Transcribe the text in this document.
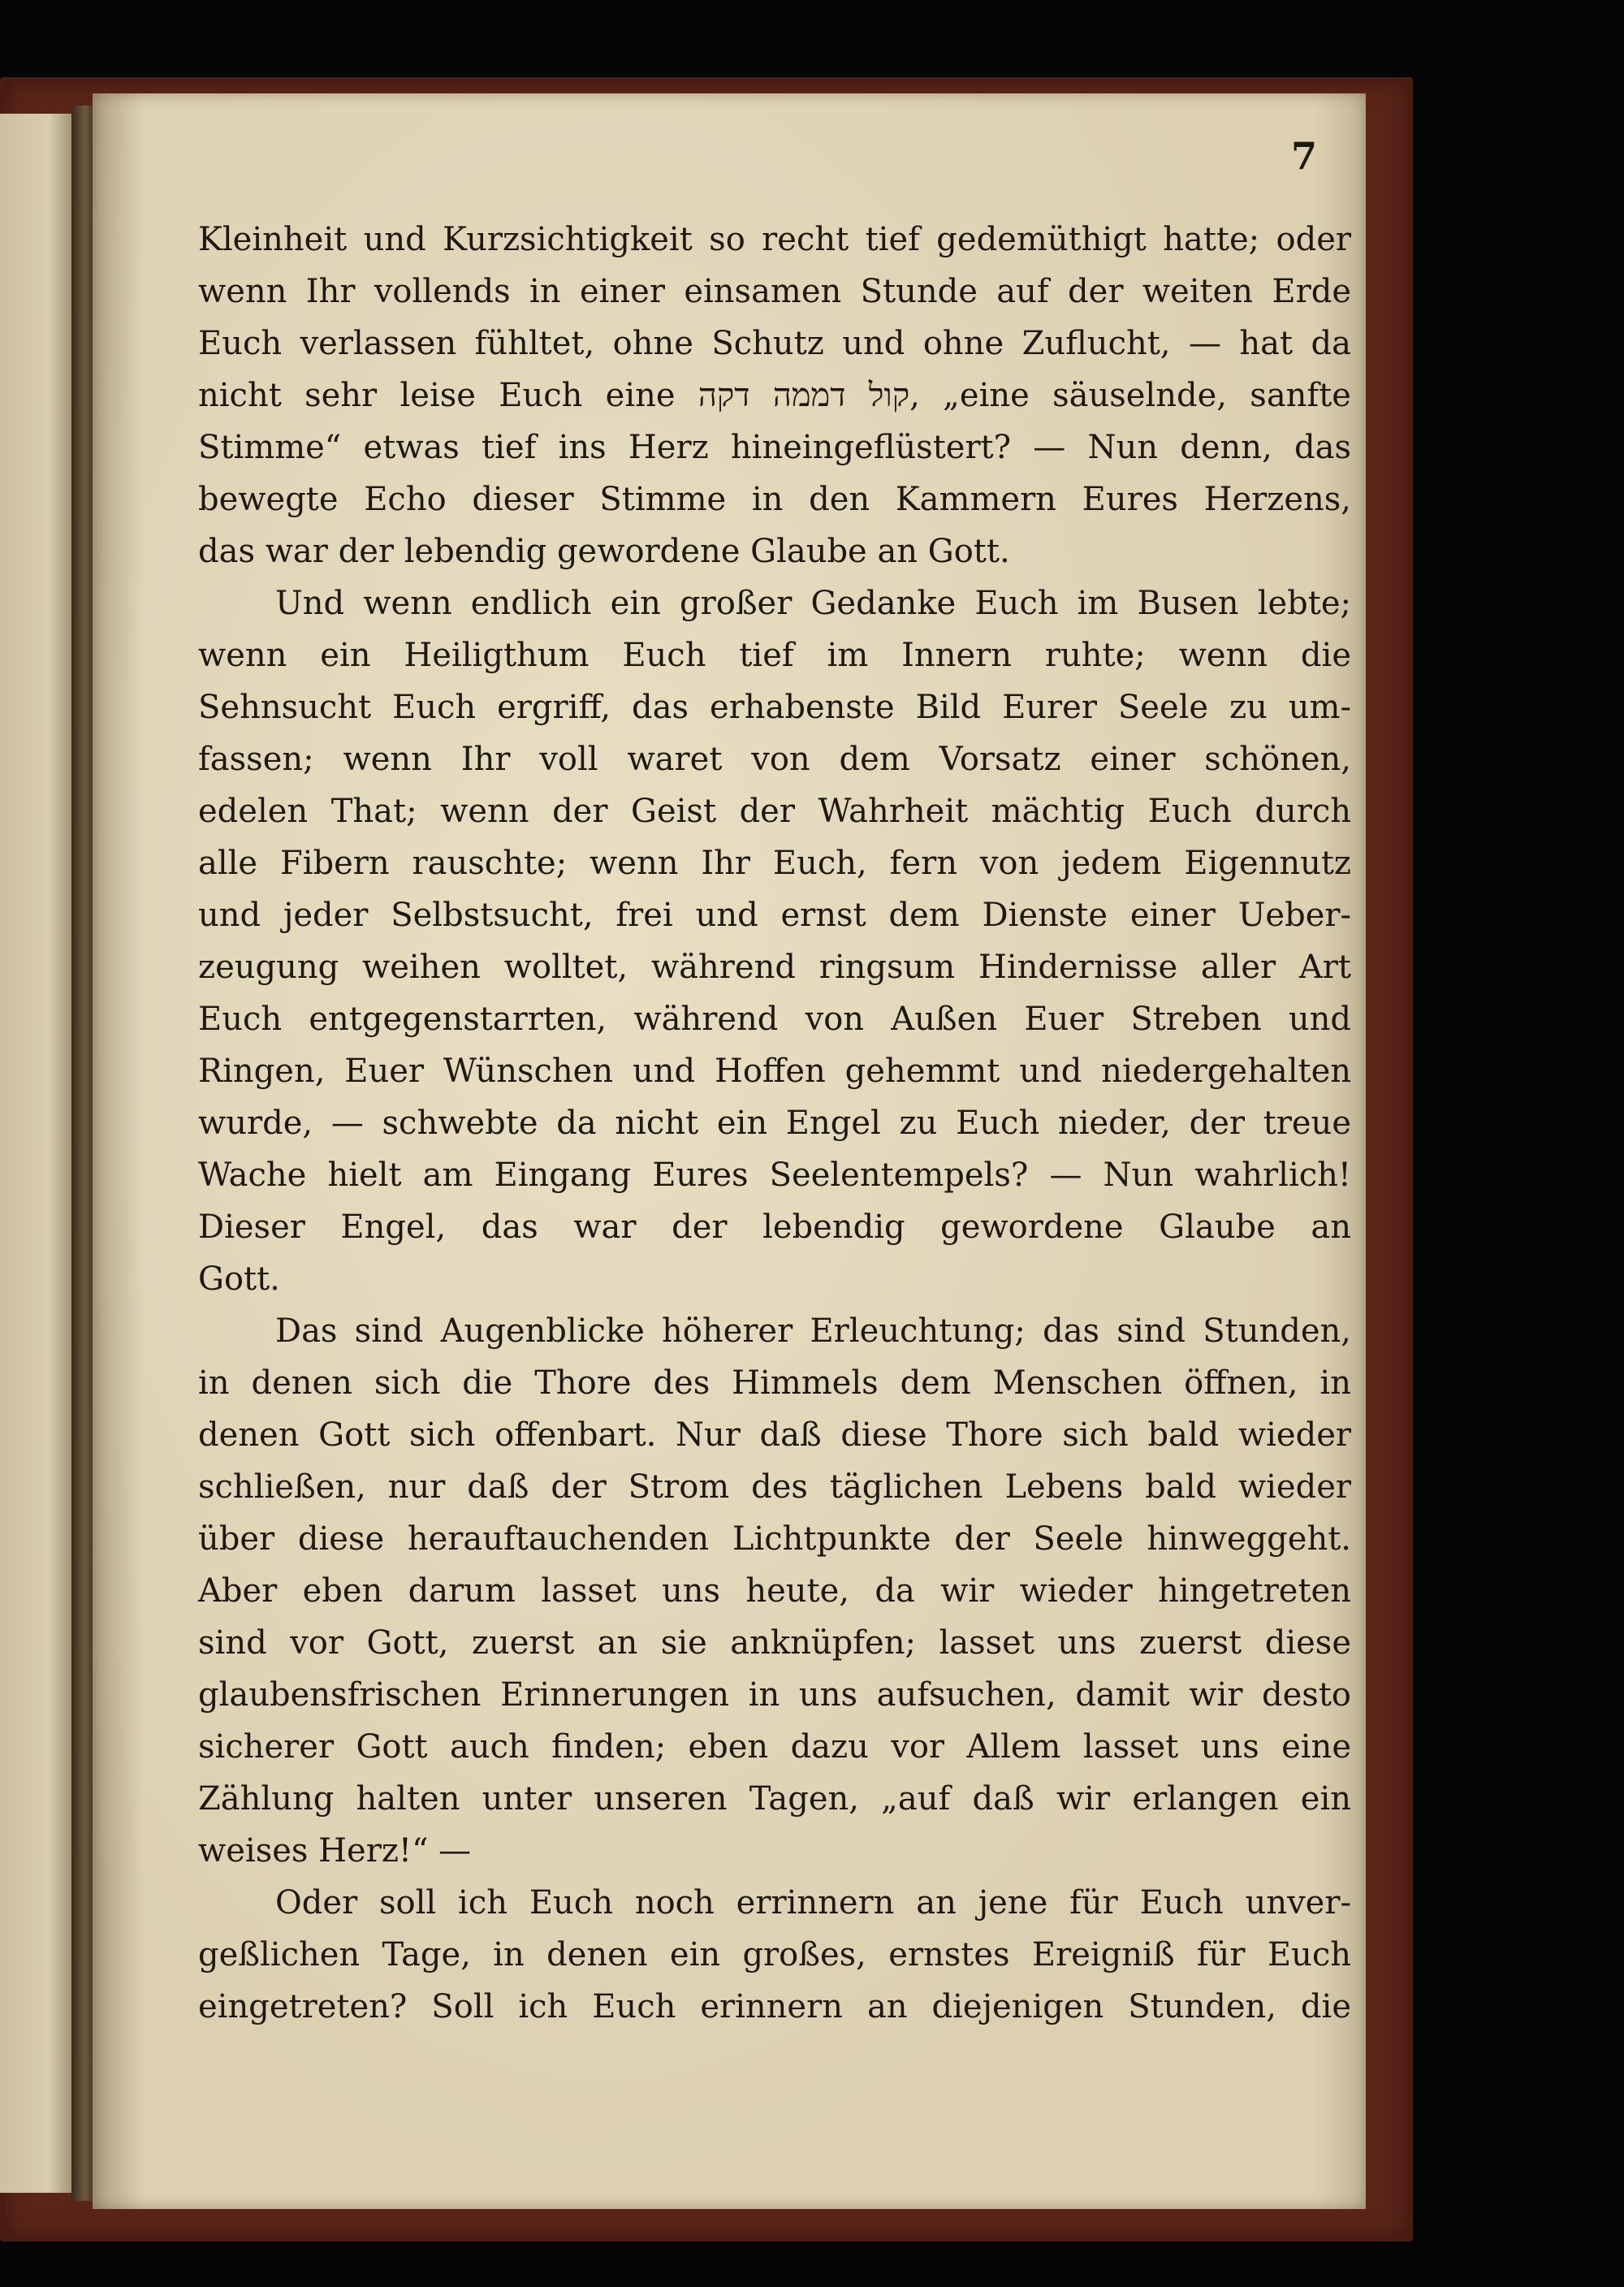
7
Kleinheit und Kurzsichtigkeit so recht tief gedemüthigt hatte; oder
wenn Ihr vollends in einer einsamen Stunde auf der weiten Erde
Euch verlassen fühltet, ohne Schutz und ohne Zuflucht, — hat da
nicht sehr leise Euch eine קול דממה דקה, „eine säuselnde, sanfte
Stimme“ etwas tief ins Herz hineingeflüstert? — Nun denn, das
bewegte Echo dieser Stimme in den Kammern Eures Herzens,
das war der lebendig gewordene Glaube an Gott.
Und wenn endlich ein großer Gedanke Euch im Busen lebte;
wenn ein Heiligthum Euch tief im Innern ruhte; wenn die
Sehnsucht Euch ergriff, das erhabenste Bild Eurer Seele zu um-
fassen; wenn Ihr voll waret von dem Vorsatz einer schönen,
edelen That; wenn der Geist der Wahrheit mächtig Euch durch
alle Fibern rauschte; wenn Ihr Euch, fern von jedem Eigennutz
und jeder Selbstsucht, frei und ernst dem Dienste einer Ueber-
zeugung weihen wolltet, während ringsum Hindernisse aller Art
Euch entgegenstarrten, während von Außen Euer Streben und
Ringen, Euer Wünschen und Hoffen gehemmt und niedergehalten
wurde, — schwebte da nicht ein Engel zu Euch nieder, der treue
Wache hielt am Eingang Eures Seelentempels? — Nun wahrlich!
Dieser Engel, das war der lebendig gewordene Glaube an
Gott.
Das sind Augenblicke höherer Erleuchtung; das sind Stunden,
in denen sich die Thore des Himmels dem Menschen öffnen, in
denen Gott sich offenbart. Nur daß diese Thore sich bald wieder
schließen, nur daß der Strom des täglichen Lebens bald wieder
über diese herauftauchenden Lichtpunkte der Seele hinweggeht.
Aber eben darum lasset uns heute, da wir wieder hingetreten
sind vor Gott, zuerst an sie anknüpfen; lasset uns zuerst diese
glaubensfrischen Erinnerungen in uns aufsuchen, damit wir desto
sicherer Gott auch finden; eben dazu vor Allem lasset uns eine
Zählung halten unter unseren Tagen, „auf daß wir erlangen ein
weises Herz!“ —
Oder soll ich Euch noch errinnern an jene für Euch unver-
geßlichen Tage, in denen ein großes, ernstes Ereigniß für Euch
eingetreten? Soll ich Euch erinnern an diejenigen Stunden, die
